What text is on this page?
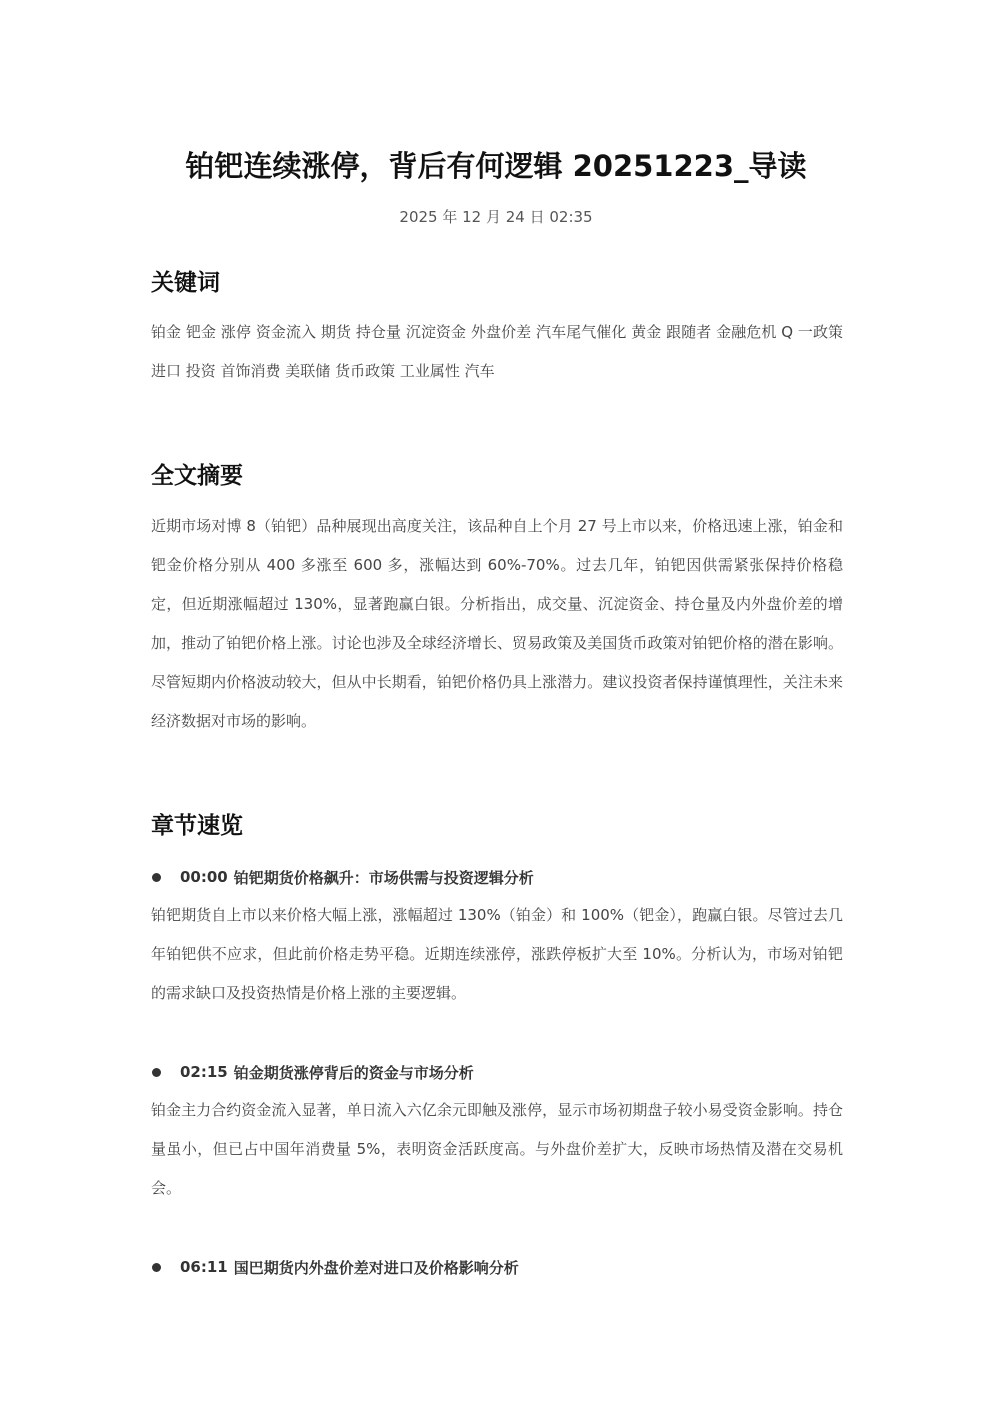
铂钯连续涨停，背后有何逻辑 20251223_导读
2025 年 12 月 24 日 02:35
关键词

铂金 钯金 涨停 资金流入 期货 持仓量 沉淀资金 外盘价差 汽车尾气催化 黄金 跟随者 金融危机 Q 一政策 进口 投资 首饰消费 美联储 货币政策 工业属性 汽车

全文摘要

近期市场对博 8（铂钯）品种展现出高度关注，该品种自上个月 27 号上市以来，价格迅速上涨，铂金和钯金价格分别从 400 多涨至 600 多，涨幅达到 60%-70%。过去几年，铂钯因供需紧张保持价格稳定，但近期涨幅超过 130%，显著跑赢白银。分析指出，成交量、沉淀资金、持仓量及内外盘价差的增加，推动了铂钯价格上涨。讨论也涉及全球经济增长、贸易政策及美国货币政策对铂钯价格的潜在影响。尽管短期内价格波动较大，但从中长期看，铂钯价格仍具上涨潜力。建议投资者保持谨慎理性，关注未来经济数据对市场的影响。

章节速览
00:00 铂钯期货价格飙升：市场供需与投资逻辑分析

铂钯期货自上市以来价格大幅上涨，涨幅超过 130%（铂金）和 100%（钯金），跑赢白银。尽管过去几年铂钯供不应求，但此前价格走势平稳。近期连续涨停，涨跌停板扩大至 10%。分析认为，市场对铂钯的需求缺口及投资热情是价格上涨的主要逻辑。

02:15 铂金期货涨停背后的资金与市场分析

铂金主力合约资金流入显著，单日流入六亿余元即触及涨停，显示市场初期盘子较小易受资金影响。持仓量虽小，但已占中国年消费量 5%，表明资金活跃度高。与外盘价差扩大，反映市场热情及潜在交易机会。

06:11 国巴期货内外盘价差对进口及价格影响分析
